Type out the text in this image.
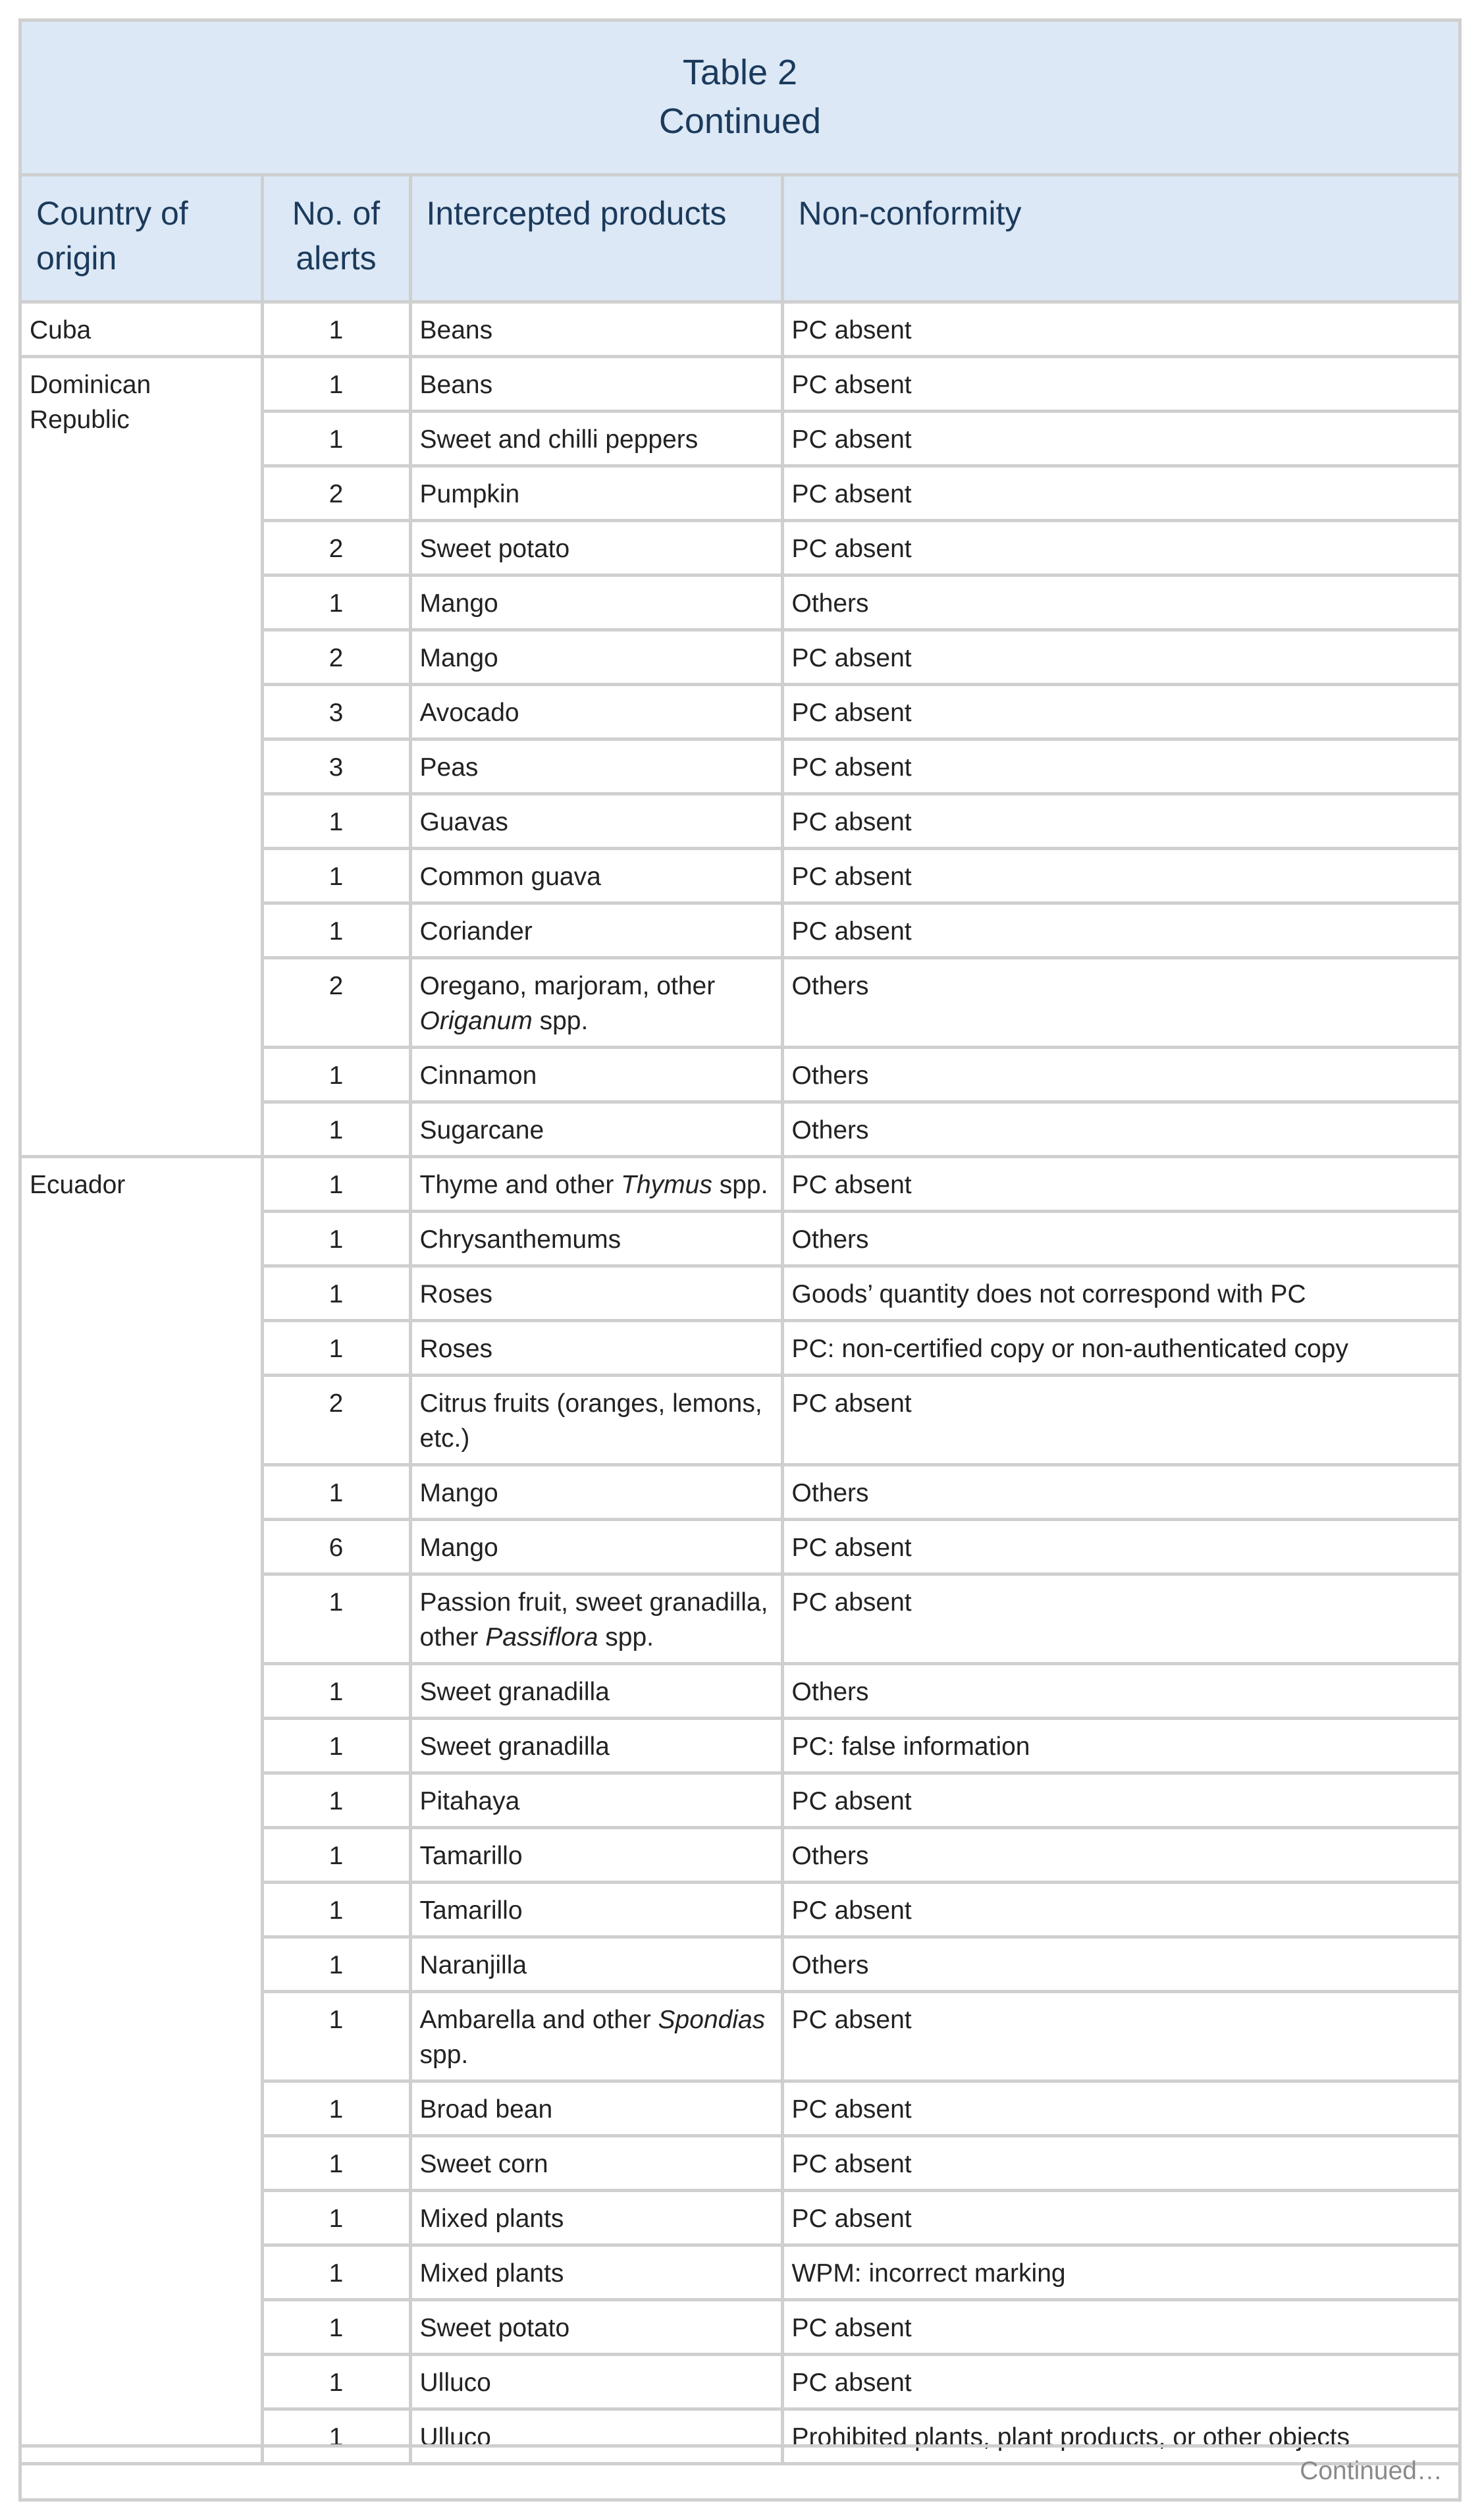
Table 2
Continued
Country of origin	No. of alerts	Intercepted products	Non-conformity
Cuba	1	Beans	PC absent
Dominican Republic	1	Beans	PC absent
	1	Sweet and chilli peppers	PC absent
	2	Pumpkin	PC absent
	2	Sweet potato	PC absent
	1	Mango	Others
	2	Mango	PC absent
	3	Avocado	PC absent
	3	Peas	PC absent
	1	Guavas	PC absent
	1	Common guava	PC absent
	1	Coriander	PC absent
	2	Oregano, marjoram, other Origanum spp.	Others
	1	Cinnamon	Others
	1	Sugarcane	Others
Ecuador	1	Thyme and other Thymus spp.	PC absent
	1	Chrysanthemums	Others
	1	Roses	Goods’ quantity does not correspond with PC
	1	Roses	PC: non-certified copy or non-authenticated copy
	2	Citrus fruits (oranges, lemons, etc.)	PC absent
	1	Mango	Others
	6	Mango	PC absent
	1	Passion fruit, sweet granadilla, other Passiflora spp.	PC absent
	1	Sweet granadilla	Others
	1	Sweet granadilla	PC: false information
	1	Pitahaya	PC absent
	1	Tamarillo	Others
	1	Tamarillo	PC absent
	1	Naranjilla	Others
	1	Ambarella and other Spondias spp.	PC absent
	1	Broad bean	PC absent
	1	Sweet corn	PC absent
	1	Mixed plants	PC absent
	1	Mixed plants	WPM: incorrect marking
	1	Sweet potato	PC absent
	1	Ulluco	PC absent
	1	Ulluco	Prohibited plants, plant products, or other objects
Continued…
